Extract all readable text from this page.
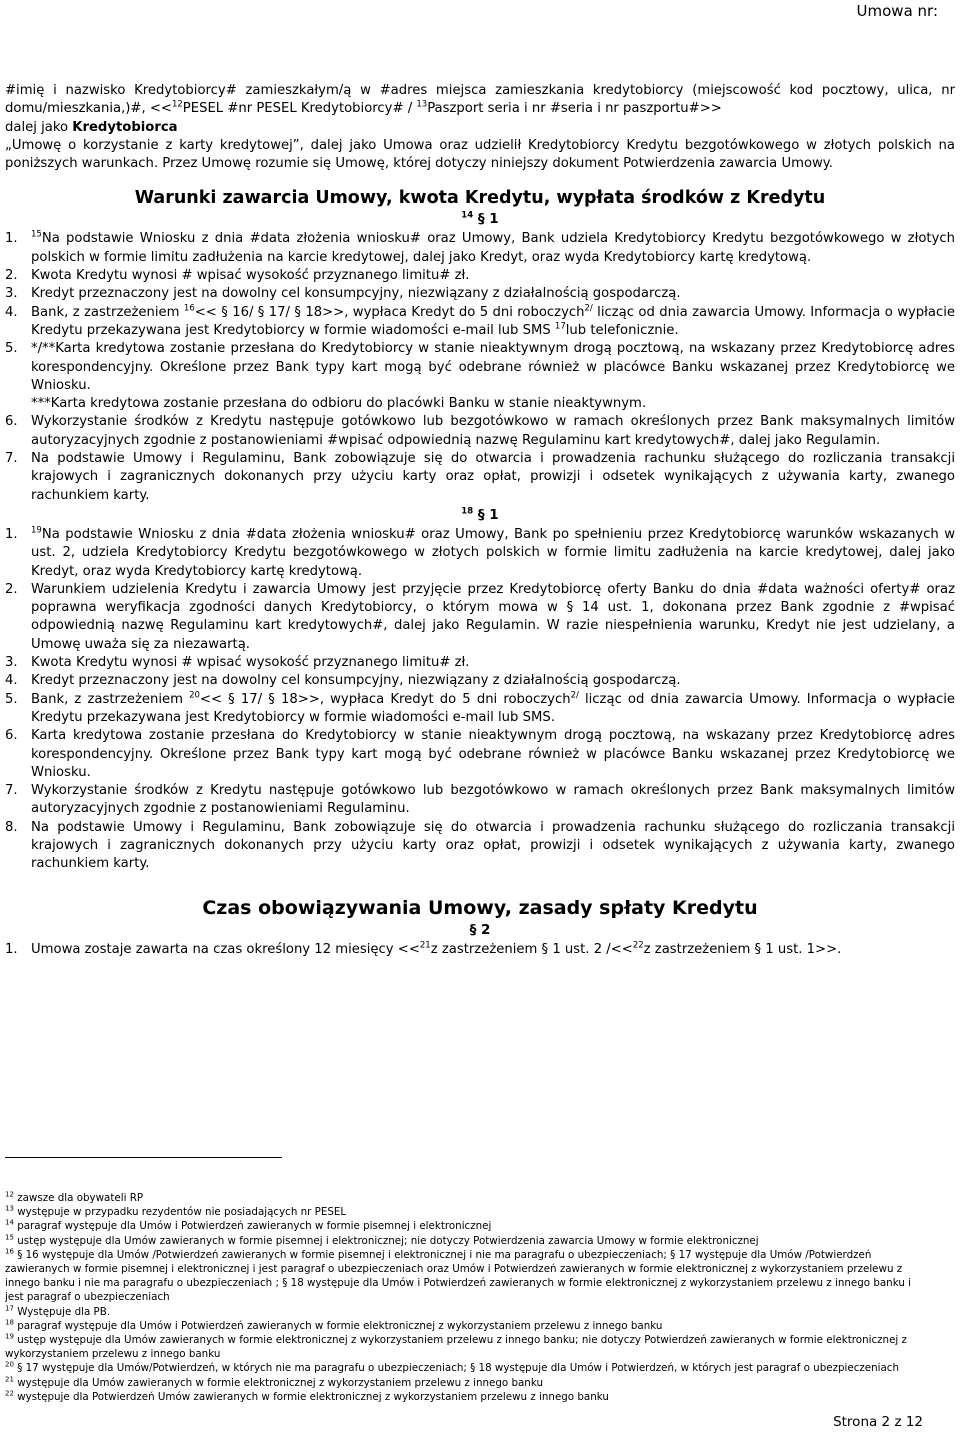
Umowa nr:

#imię i nazwisko Kredytobiorcy# zamieszkałym/ą w #adres miejsca zamieszkania kredytobiorcy (miejscowość kod pocztowy, ulica, nr domu/mieszkania,)#, <<$^{12}$PESEL #nr PESEL Kredytobiorcy# / $^{13}$Paszport seria i nr #seria i nr paszportu#>>

dalej jako Kredytobiorca

„Umowę o korzystanie z karty kredytowej”, dalej jako Umowa oraz udzielił Kredytobiorcy Kredytu bezgotówkowego w złotych polskich na poniższych warunkach. Przez Umowę rozumie się Umowę, której dotyczy niniejszy dokument Potwierdzenia zawarcia Umowy.

Warunki zawarcia Umowy, kwota Kredytu, wypłata środków z Kredytu
$^{14}$ § 1
1. $^{15}$Na podstawie Wniosku z dnia #data złożenia wniosku# oraz Umowy, Bank udziela Kredytobiorcy Kredytu bezgotówkowego w złotych polskich w formie limitu zadłużenia na karcie kredytowej, dalej jako Kredyt, oraz wyda Kredytobiorcy kartę kredytową.
2. Kwota Kredytu wynosi # wpisać wysokość przyznanego limitu# zł.
3. Kredyt przeznaczony jest na dowolny cel konsumpcyjny, niezwiązany z działalnością gospodarczą.
4. Bank, z zastrzeżeniem $^{16}$<< § 16/ § 17/ § 18>>, wypłaca Kredyt do 5 dni roboczych$^{2/}$ licząc od dnia zawarcia Umowy. Informacja o wypłacie Kredytu przekazywana jest Kredytobiorcy w formie wiadomości e-mail lub SMS $^{17}$lub telefonicznie.
5. */**Karta kredytowa zostanie przesłana do Kredytobiorcy w stanie nieaktywnym drogą pocztową, na wskazany przez Kredytobiorcę adres korespondencyjny. Określone przez Bank typy kart mogą być odebrane również w placówce Banku wskazanej przez Kredytobiorcę we Wniosku.
***Karta kredytowa zostanie przesłana do odbioru do placówki Banku w stanie nieaktywnym.
6. Wykorzystanie środków z Kredytu następuje gotówkowo lub bezgotówkowo w ramach określonych przez Bank maksymalnych limitów autoryzacyjnych zgodnie z postanowieniami #wpisać odpowiednią nazwę Regulaminu kart kredytowych#, dalej jako Regulamin.
7. Na podstawie Umowy i Regulaminu, Bank zobowiązuje się do otwarcia i prowadzenia rachunku służącego do rozliczania transakcji krajowych i zagranicznych dokonanych przy użyciu karty oraz opłat, prowizji i odsetek wynikających z używania karty, zwanego rachunkiem karty.
$^{18}$ § 1
1. $^{19}$Na podstawie Wniosku z dnia #data złożenia wniosku# oraz Umowy, Bank po spełnieniu przez Kredytobiorcę warunków wskazanych w ust. 2, udziela Kredytobiorcy Kredytu bezgotówkowego w złotych polskich w formie limitu zadłużenia na karcie kredytowej, dalej jako Kredyt, oraz wyda Kredytobiorcy kartę kredytową.
2. Warunkiem udzielenia Kredytu i zawarcia Umowy jest przyjęcie przez Kredytobiorcę oferty Banku do dnia #data ważności oferty# oraz poprawna weryfikacja zgodności danych Kredytobiorcy, o którym mowa w § 14 ust. 1, dokonana przez Bank zgodnie z #wpisać odpowiednią nazwę Regulaminu kart kredytowych#, dalej jako Regulamin. W razie niespełnienia warunku, Kredyt nie jest udzielany, a Umowę uważa się za niezawartą.
3. Kwota Kredytu wynosi # wpisać wysokość przyznanego limitu# zł.
4. Kredyt przeznaczony jest na dowolny cel konsumpcyjny, niezwiązany z działalnością gospodarczą.
5. Bank, z zastrzeżeniem $^{20}$<< § 17/ § 18>>, wypłaca Kredyt do 5 dni roboczych$^{2/}$ licząc od dnia zawarcia Umowy. Informacja o wypłacie Kredytu przekazywana jest Kredytobiorcy w formie wiadomości e-mail lub SMS.
6. Karta kredytowa zostanie przesłana do Kredytobiorcy w stanie nieaktywnym drogą pocztową, na wskazany przez Kredytobiorcę adres korespondencyjny. Określone przez Bank typy kart mogą być odebrane również w placówce Banku wskazanej przez Kredytobiorcę we Wniosku.
7. Wykorzystanie środków z Kredytu następuje gotówkowo lub bezgotówkowo w ramach określonych przez Bank maksymalnych limitów autoryzacyjnych zgodnie z postanowieniami Regulaminu.
8. Na podstawie Umowy i Regulaminu, Bank zobowiązuje się do otwarcia i prowadzenia rachunku służącego do rozliczania transakcji krajowych i zagranicznych dokonanych przy użyciu karty oraz opłat, prowizji i odsetek wynikających z używania karty, zwanego rachunkiem karty.
Czas obowiązywania Umowy, zasady spłaty Kredytu
§ 2
1. Umowa zostaje zawarta na czas określony 12 miesięcy <<$^{21}$z zastrzeżeniem § 1 ust. 2 /<<$^{22}$z zastrzeżeniem § 1 ust. 1>>.

$^{12}$ zawsze dla obywateli RP

$^{13}$ występuje w przypadku rezydentów nie posiadających nr PESEL

$^{14}$ paragraf występuje dla Umów i Potwierdzeń zawieranych w formie pisemnej i elektronicznej

$^{15}$ ustęp występuje dla Umów zawieranych w formie pisemnej i elektronicznej; nie dotyczy Potwierdzenia zawarcia Umowy w formie elektronicznej

$^{16}$ § 16 występuje dla Umów /Potwierdzeń zawieranych w formie pisemnej i elektronicznej i nie ma paragrafu o ubezpieczeniach; § 17 występuje dla Umów /Potwierdzeń zawieranych w formie pisemnej i elektronicznej i jest paragraf o ubezpieczeniach oraz Umów i Potwierdzeń zawieranych w formie elektronicznej z wykorzystaniem przelewu z innego banku i nie ma paragrafu o ubezpieczeniach ; § 18 występuje dla Umów i Potwierdzeń zawieranych w formie elektronicznej z wykorzystaniem przelewu z innego banku i jest paragraf o ubezpieczeniach

$^{17}$ Występuje dla PB.

$^{18}$ paragraf występuje dla Umów i Potwierdzeń zawieranych w formie elektronicznej z wykorzystaniem przelewu z innego banku

$^{19}$ ustęp występuje dla Umów zawieranych w formie elektronicznej z wykorzystaniem przelewu z innego banku; nie dotyczy Potwierdzeń zawieranych w formie elektronicznej z wykorzystaniem przelewu z innego banku

$^{20}$ § 17 występuje dla Umów/Potwierdzeń, w których nie ma paragrafu o ubezpieczeniach; § 18 występuje dla Umów i Potwierdzeń, w których jest paragraf o ubezpieczeniach

$^{21}$ występuje dla Umów zawieranych w formie elektronicznej z wykorzystaniem przelewu z innego banku

$^{22}$ występuje dla Potwierdzeń Umów zawieranych w formie elektronicznej z wykorzystaniem przelewu z innego banku

Strona 2 z 12
